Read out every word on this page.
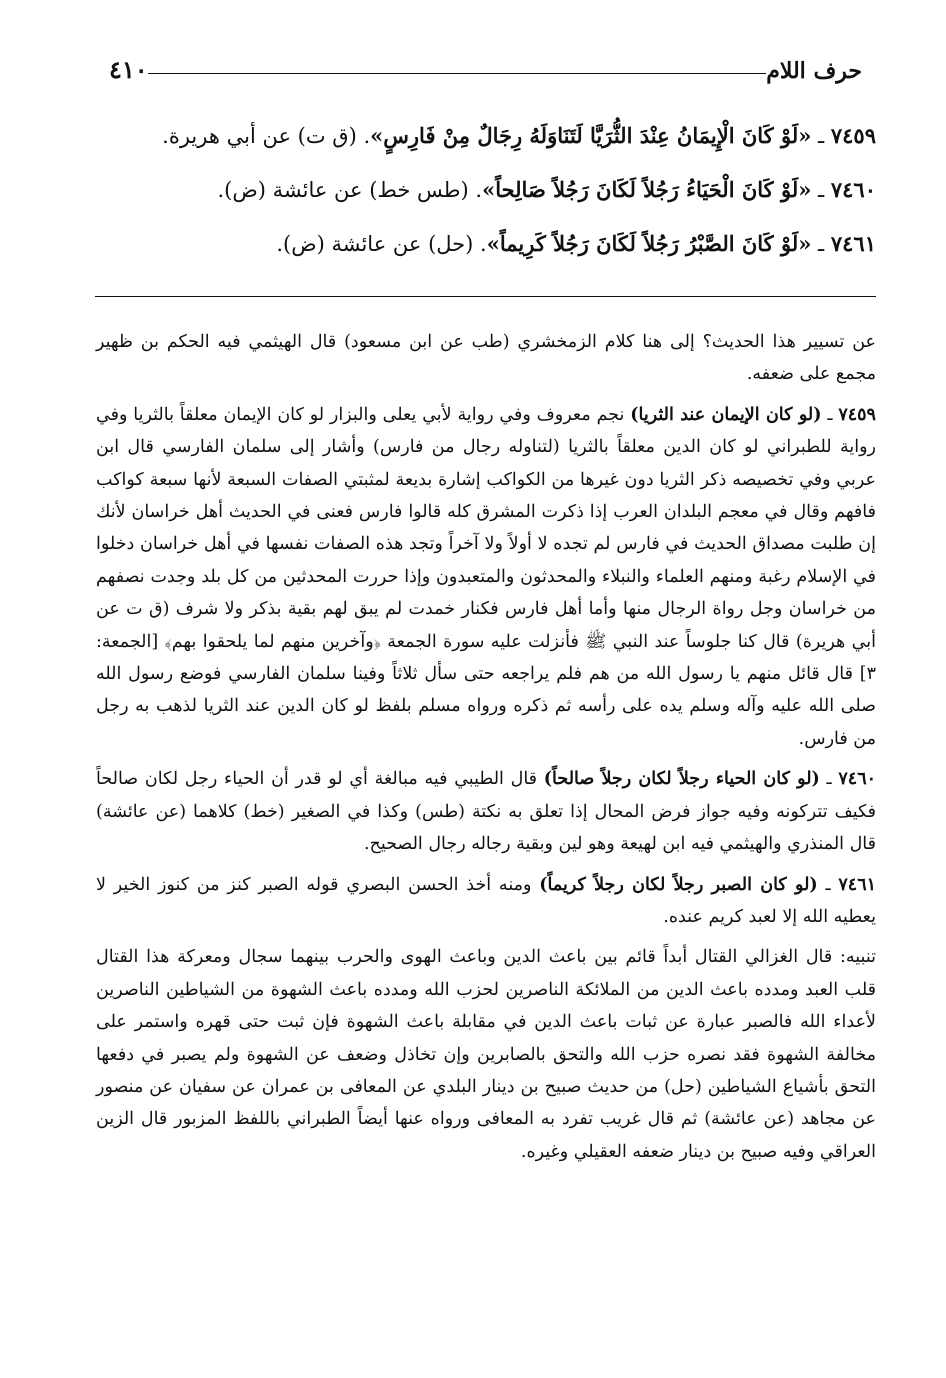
حرف اللام
٤١٠

٧٤٥٩ ـ «لَوْ كَانَ الْإِيمَانُ عِنْدَ الثُّرَيَّا لَتَنَاوَلَهُ رِجَالٌ مِنْ فَارِسٍ». (ق ت) عن أبي هريرة.

٧٤٦٠ ـ «لَوْ كَانَ الْحَيَاءُ رَجُلاً لَكَانَ رَجُلاً صَالِحاً». (طس خط) عن عائشة (ض).

٧٤٦١ ـ «لَوْ كَانَ الصَّبْرُ رَجُلاً لَكَانَ رَجُلاً كَرِيماً». (حل) عن عائشة (ض).

عن تسيير هذا الحديث؟ إلى هنا كلام الزمخشري (طب عن ابن مسعود) قال الهيثمي فيه الحكم بن ظهير مجمع على ضعفه.

٧٤٥٩ ـ (لو كان الإيمان عند الثريا) نجم معروف وفي رواية لأبي يعلى والبزار لو كان الإيمان معلقاً بالثريا وفي رواية للطبراني لو كان الدين معلقاً بالثريا (لتناوله رجال من فارس) وأشار إلى سلمان الفارسي قال ابن عربي وفي تخصيصه ذكر الثريا دون غيرها من الكواكب إشارة بديعة لمثبتي الصفات السبعة لأنها سبعة كواكب فافهم وقال في معجم البلدان العرب إذا ذكرت المشرق كله قالوا فارس فعنى في الحديث أهل خراسان لأنك إن طلبت مصداق الحديث في فارس لم تجده لا أولاً ولا آخراً وتجد هذه الصفات نفسها في أهل خراسان دخلوا في الإسلام رغبة ومنهم العلماء والنبلاء والمحدثون والمتعبدون وإذا حررت المحدثين من كل بلد وجدت نصفهم من خراسان وجل رواة الرجال منها وأما أهل فارس فكنار خمدت لم يبق لهم بقية بذكر ولا شرف (ق ت عن أبي هريرة) قال كنا جلوساً عند النبي ﷺ فأنزلت عليه سورة الجمعة ﴿وآخرين منهم لما يلحقوا بهم﴾ [الجمعة: ٣] قال قائل منهم يا رسول الله من هم فلم يراجعه حتى سأل ثلاثاً وفينا سلمان الفارسي فوضع رسول الله صلى الله عليه وآله وسلم يده على رأسه ثم ذكره ورواه مسلم بلفظ لو كان الدين عند الثريا لذهب به رجل من فارس.

٧٤٦٠ ـ (لو كان الحياء رجلاً لكان رجلاً صالحاً) قال الطيبي فيه مبالغة أي لو قدر أن الحياء رجل لكان صالحاً فكيف تتركونه وفيه جواز فرض المحال إذا تعلق به نكتة (طس) وكذا في الصغير (خط) كلاهما (عن عائشة) قال المنذري والهيثمي فيه ابن لهيعة وهو لين وبقية رجاله رجال الصحيح.

٧٤٦١ ـ (لو كان الصبر رجلاً لكان رجلاً كريماً) ومنه أخذ الحسن البصري قوله الصبر كنز من كنوز الخير لا يعطيه الله إلا لعبد كريم عنده.

تنبيه: قال الغزالي القتال أبداً قائم بين باعث الدين وباعث الهوى والحرب بينهما سجال ومعركة هذا القتال قلب العبد ومدده باعث الدين من الملائكة الناصرين لحزب الله ومدده باعث الشهوة من الشياطين الناصرين لأعداء الله فالصبر عبارة عن ثبات باعث الدين في مقابلة باعث الشهوة فإن ثبت حتى قهره واستمر على مخالفة الشهوة فقد نصره حزب الله والتحق بالصابرين وإن تخاذل وضعف عن الشهوة ولم يصبر في دفعها التحق بأشياع الشياطين (حل) من حديث صبيح بن دينار البلدي عن المعافى بن عمران عن سفيان عن منصور عن مجاهد (عن عائشة) ثم قال غريب تفرد به المعافى ورواه عنها أيضاً الطبراني باللفظ المزبور قال الزين العراقي وفيه صبيح بن دينار ضعفه العقيلي وغيره.
